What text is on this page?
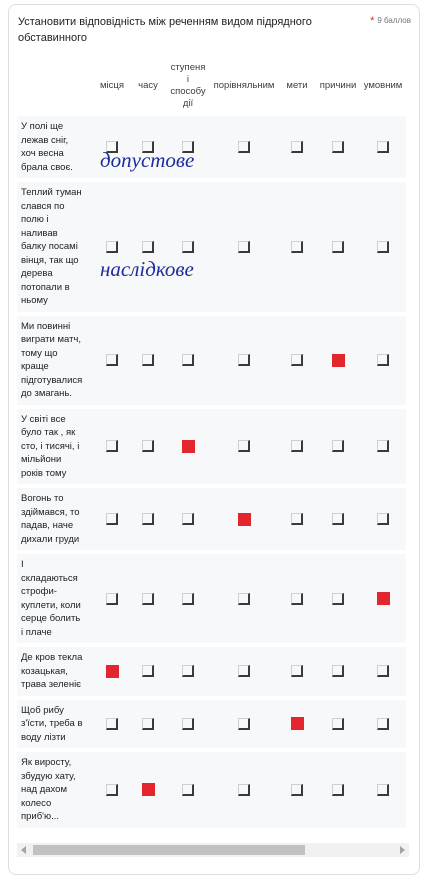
Установити відповідність між реченням видом підрядного обставинного
* 9 баллов
місця часу
ступеня і способу дії
порівняльним мети причини умовним
У полі ще
лежав сніг,
хоч весна
брала своє.
Теплий туман
слався по
полю і
наливав
балку посамі
вінця, так що
дерева
потопали в
ньому
Ми повинні
виграти матч,
тому що
краще
підготувалися
до змагань.
У світі все
було так , як
сто, і тисячі, і
мільйони
років тому
Вогонь то
здіймався, то
падав, наче
дихали груди
І
складаються
строфи-
куплети, коли
серце болить
і плаче
Де кров текла
козацькая,
трава зеленіє
Щоб рибу
з'їсти, треба в
воду лізти
Як виросту,
збудую хату,
над дахом
колесо
приб'ю...
допустове
наслідкове
